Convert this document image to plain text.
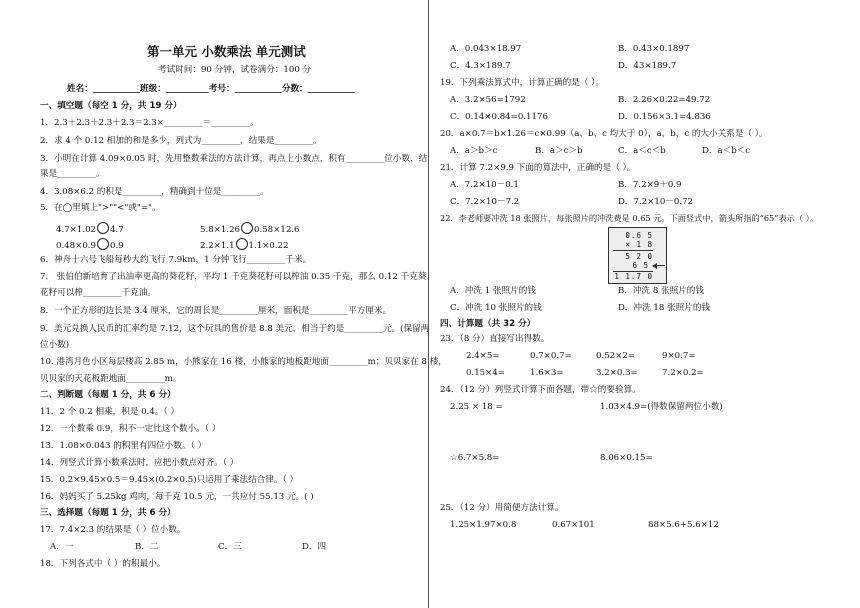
第一单元 小数乘法 单元测试
考试时间：90 分钟，试卷满分：100 分
姓名：___________班级：__________考号：___________分数：___________
一、填空题（每空 1 分，共 19 分）
1．2.3＋2.3＋2.3＋2.3＝2.3×_________＝_________。
2．求 4 个 0.12 相加的和是多少，列式为_________，结果是_________。
3．小明在计算 4.09×0.05 时，先用整数乘法的方法计算，再点上小数点，积有_________位小数，结
果是_________。
4．3.08×6.2 的积是_________，精确到十位是_________。
5．在◯里填上">""<"或"="。
4.7×1.02 4.7	5.8×1.26 0.58×12.6
0.48×0.9 0.9	2.2×1.1 1.1×0.22
6．神舟十六号飞船每秒大约飞行 7.9km，1 分钟飞行_________千米。
7． 张伯伯新培育了出油率更高的葵花籽，平均 1 千克葵花籽可以榨油 0.35 千克，那么 0.12 千克葵
花籽可以榨_________千克油。
8．一个正方形的边长是 3.4 厘米，它的周长是_________厘米，面积是_________平方厘米。
9．美元兑换人民币的汇率约是 7.12，这个玩具的售价是 8.8 美元，相当于约是_________元。(保留两
位小数)
10. 港湾月色小区每层楼高 2.85 m，小熊家在 16 楼，小熊家的地板距地面_________m；贝贝家在 8 楼，
贝贝家的天花板距地面_________m。
二、判断题（每题 1 分，共 6 分）
11．2 个 0.2 相乘，积是 0.4。（ ）
12．一个数乘 0.9，积不一定比这个数小。（ ）
13．1.08×0.043 的积里有四位小数。（ ）
14．列竖式计算小数乘法时，应把小数点对齐。（ ）
15．0.2×9.45×0.5＝9.45×(0.2×0.5)只运用了乘法结合律。（ ）
16．妈妈买了 5.25kg 鸡肉，每千克 10.5 元，一共应付 55.13 元。( )
三、选择题（每题 1 分，共 6 分）
17．7.4×2.3 的结果是（ ）位小数。
A．一	B．二	C．三	D．四
18．下列各式中（ ）的积最小。
A．0.043×18.97	B．0.43×0.1897
C．4.3×189.7	D．43×189.7
19．下列乘法算式中，计算正确的是（ ）。
A．3.2×56=1792	B．2.26×0.22=49.72
C．0.14×0.84=0.1176	D．0.156×3.1=4.836
20．a×0.7＝b×1.26＝c×0.99（a、b、c 均大于 0），a，b，c 的大小关系是（ ）。
A．a＞b＞c	B．a＞c＞b	C．a＜c＜b	D．a＜b＜c
21．计算 7.2×9.9 下面的算法中，正确的是（ ）。
A．7.2×10－0.1	B．7.2×9＋0.9
C．7.2×10－7.2	D．7.2×10－0.72
22．李老师要冲洗 18 张照片，每张照片的冲洗费是 0.65 元。下面竖式中，箭头所指的“65”表示（ ）。
0.6 5
× 1 8
5 2 0
6 5
1 1.7 0
A．冲洗 1 张照片的钱	B．冲洗 8 张照片的钱
C．冲洗 10 张照片的钱	D．冲洗 18 张照片的钱
四、计算题（共 32 分）
23．（8 分）直接写出得数。
2.4×5=	0.7×0.7=	0.52×2=	9×0.7=
0.15×4=	1.6×3=	3.2×0.3=	7.2×0.2=
24．（12 分）列竖式计算下面各题，带☆的要验算。
2.25 × 18 =	1.03×4.9=(得数保留两位小数)
☆6.7×5.8=	8.06×0.15=
25．（12 分）用简便方法计算。
1.25×1.97×0.8	0.67×101	88×5.6+5.6×12
